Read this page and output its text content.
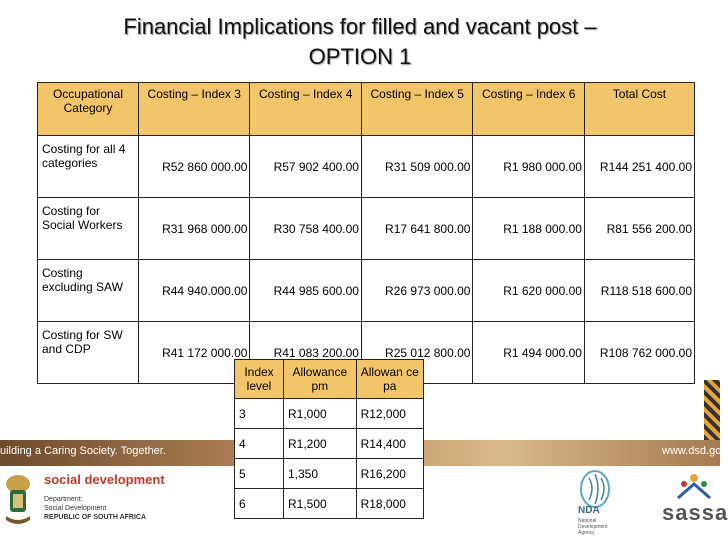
Financial Implications for filled and vacant post –
OPTION 1
Occupational Category	Costing – Index 3	Costing – Index 4	Costing – Index 5	Costing – Index 6	Total Cost
Costing for all 4 categories	R52 860 000.00	R57 902 400.00	R31 509 000.00	R1 980 000.00	R144 251 400.00
Costing for Social Workers	R31 968 000.00	R30 758 400.00	R17 641 800.00	R1 188 000.00	R81 556 200.00
Costing excluding SAW	R44 940.000.00	R44 985 600.00	R26 973 000.00	R1 620 000.00	R118 518 600.00
Costing for SW and CDP	R41 172 000.00	R41 083 200.00	R25 012 800.00	R1 494 000.00	R108 762 000.00
uilding a Caring Society. Together.	www.dsd.gov
Index level	Allowance pm	Allowan ce pa
3	R1,000	R12,000
4	R1,200	R14,400
5	1,350	R16,200
6	R1,500	R18,000
social development
Department:
Social Development
REPUBLIC OF SOUTH AFRICA
NDA
National Development Agency
sassa
